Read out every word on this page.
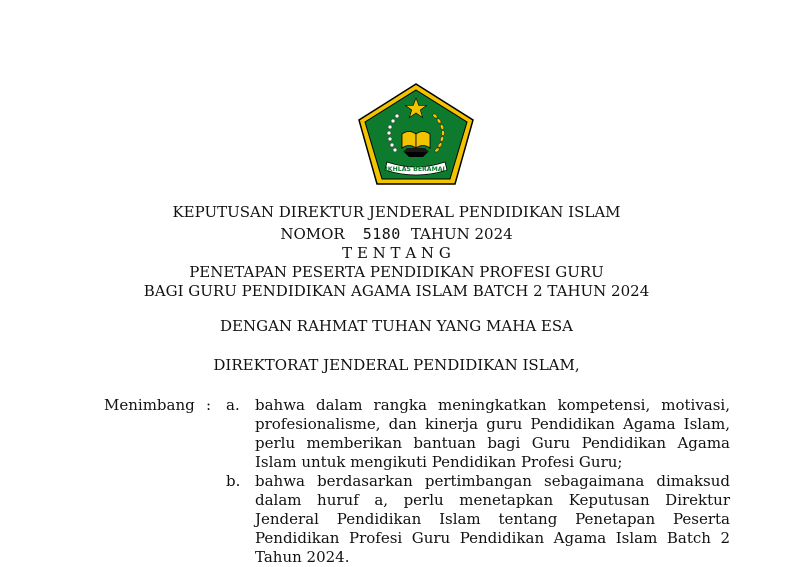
IKHLAS BERAMAL
KEPUTUSAN DIREKTUR JENDERAL PENDIDIKAN ISLAM
NOMOR 5180 TAHUN 2024
T E N T A N G
PENETAPAN PESERTA PENDIDIKAN PROFESI GURU
BAGI GURU PENDIDIKAN AGAMA ISLAM BATCH 2 TAHUN 2024
DENGAN RAHMAT TUHAN YANG MAHA ESA
DIREKTORAT JENDERAL PENDIDIKAN ISLAM,
Menimbang : a. bahwa dalam rangka meningkatkan kompetensi, motivasi, profesionalisme, dan kinerja guru Pendidikan Agama Islam, perlu memberikan bantuan bagi Guru Pendidikan Agama Islam untuk mengikuti Pendidikan Profesi Guru;
b. bahwa berdasarkan pertimbangan sebagaimana dimaksud dalam huruf a, perlu menetapkan Keputusan Direktur Jenderal Pendidikan Islam tentang Penetapan Peserta Pendidikan Profesi Guru Pendidikan Agama Islam Batch 2 Tahun 2024.
